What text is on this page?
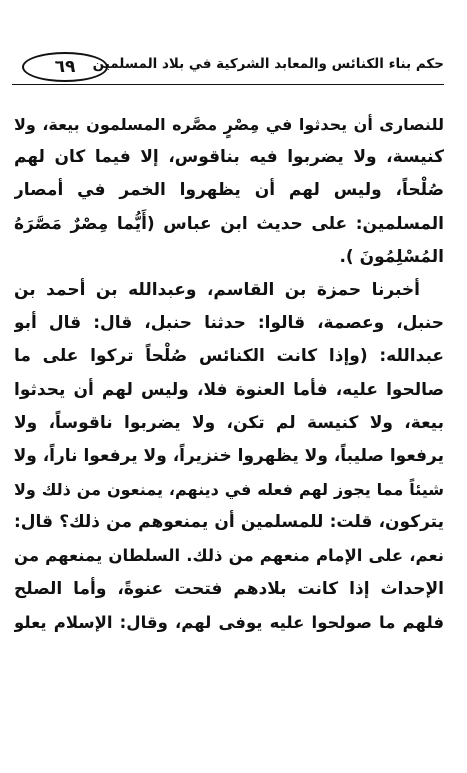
٦٩	حكم بناء الكنائس والمعابد الشركية في بلاد المسلمين
للنصارى أن يحدثوا في مِصْرٍ مصَّره المسلمون بيعة، ولا
كنيسة، ولا يضربوا فيه بناقوس، إلا فيما كان لهم
صُلْحاً، وليس لهم أن يظهروا الخمر في أمصار
المسلمين: على حديث ابن عباس (أَيُّما مِصْرٌ مَصَّرَهُ
المُسْلِمُونَ ).
أخبرنا حمزة بن القاسم، وعبدالله بن أحمد بن
حنبل، وعصمة، قالوا: حدثنا حنبل، قال: قال أبو
عبدالله: (وإذا كانت الكنائس صُلْحاً تركوا على ما
صالحوا عليه، فأما العنوة فلا، وليس لهم أن يحدثوا
بيعة، ولا كنيسة لم تكن، ولا يضربوا ناقوساً، ولا
يرفعوا صليباً، ولا يظهروا خنزيراً، ولا يرفعوا ناراً، ولا
شيئاً مما يجوز لهم فعله في دينهم، يمنعون من ذلك ولا
يتركون، قلت: للمسلمين أن يمنعوهم من ذلك؟ قال:
نعم، على الإمام منعهم من ذلك. السلطان يمنعهم من
الإحداث إذا كانت بلادهم فتحت عنوةً، وأما الصلح
فلهم ما صولحوا عليه يوفى لهم، وقال: الإسلام يعلو
